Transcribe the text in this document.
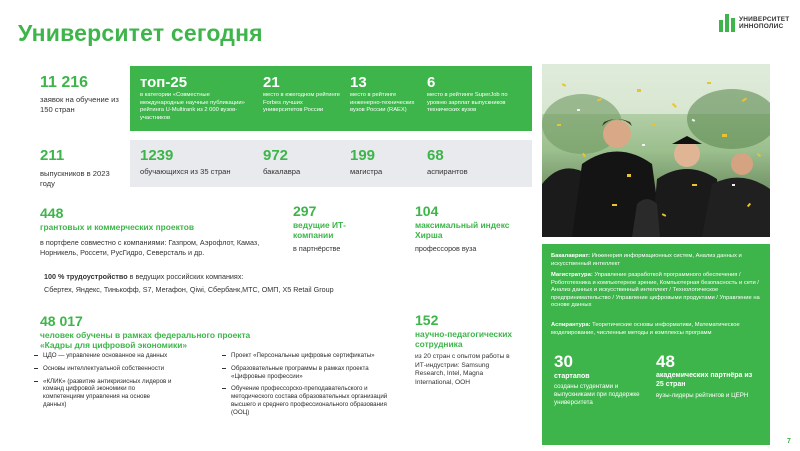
Университет сегодня
УНИВЕРСИТЕТ
ИННОПОЛИС
11 216
заявок на обучение из 150 стран
211
выпускников в 2023 году
топ-25
в категории «Совместные международные научные публикации» рейтинга U-Multirank из 2 000 вузов-участников
21
место в ежегодном рейтинге Forbes лучших университетов России
13
место в рейтинге инженерно-технических вузов России (RAEX)
6
место в рейтинге SuperJob по уровню зарплат выпускников технических вузов
1239
обучающихся из 35 стран
972
бакалавра
199
магистра
68
аспирантов
448
грантовых и коммерческих проектов
в портфеле совместно с компаниями: Газпром, Аэрофлот, Камаз, Норникель, Россети, РусГидро, Северсталь и др.
297
ведущие ИТ-компании
в партнёрстве
104
максимальный индекс Хирша
профессоров вуза
100 % трудоустройство в ведущих российских компаниях:
Сбертех, Яндекс, Тинькофф, S7, Мегафон, Qiwi, Сбербанк,МТС, ОМП, X5 Retail Group
48 017
человек обучены в рамках федерального проекта «Кадры для цифровой экономики»
ЦДО — управление основанное на данных
Основы интеллектуальной собственности
«КЛИК» (развитие антикризисных лидеров и команд цифровой экономики по компетенциям управления на основе данных)
Проект «Персональные цифровые сертификаты»
Образовательные программы в рамках проекта «Цифровые профессии»
Обучение профессорско-преподавательского и методического состава образовательных организаций высшего и среднего профессионального образования (ООЦ)
152
научно-педагогических сотрудника
из 20 стран с опытом работы в ИТ-индустрии: Samsung Research, Intel, Magna International, ООН
Бакалавриат: Инженерия информационных систем, Анализ данных и искусственный интеллект
Магистратура: Управление разработкой программного обеспечения / Робототехника и компьютерное зрение, Компьютерная безопасность и сети / Анализ данных и искусственный интеллект / Технологическое предпринимательство / Управление цифровыми продуктами / Управление на основе данных
Аспирантура: Теоретические основы информатики, Математическое моделирование, численные методы и комплексы программ
30
стартапов
созданы студентами и выпускниками при поддержке университета
48
академических партнёра из 25 стран
вузы-лидеры рейтингов и ЦЕРН
7
